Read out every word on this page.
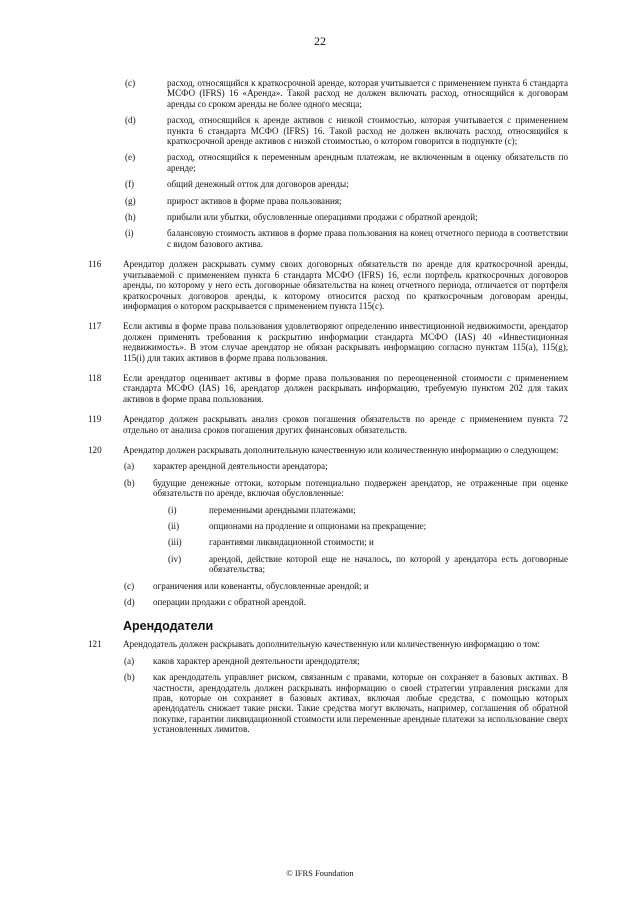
22
(c)	расход, относящийся к краткосрочной аренде, которая учитывается с применением пункта 6 стандарта МСФО (IFRS) 16 «Аренда». Такой расход не должен включать расход, относящийся к договорам аренды со сроком аренды не более одного месяца;
(d)	расход, относящийся к аренде активов с низкой стоимостью, которая учитывается с применением пункта 6 стандарта МСФО (IFRS) 16. Такой расход не должен включать расход, относящийся к краткосрочной аренде активов с низкой стоимостью, о котором говорится в подпункте (с);
(e)	расход, относящийся к переменным арендным платежам, не включенным в оценку обязательств по аренде;
(f)	общий денежный отток для договоров аренды;
(g)	прирост активов в форме права пользования;
(h)	прибыли или убытки, обусловленные операциями продажи с обратной арендой;
(i)	балансовую стоимость активов в форме права пользования на конец отчетного периода в соответствии с видом базового актива.
116 Арендатор должен раскрывать сумму своих договорных обязательств по аренде для краткосрочной аренды, учитываемой с применением пункта 6 стандарта МСФО (IFRS) 16, если портфель краткосрочных договоров аренды, по которому у него есть договорные обязательства на конец отчетного периода, отличается от портфеля краткосрочных договоров аренды, к которому относится расход по краткосрочным договорам аренды, информация о котором раскрывается с применением пункта 115(с).
117 Если активы в форме права пользования удовлетворяют определению инвестиционной недвижимости, арендатор должен применять требования к раскрытию информации стандарта МСФО (IAS) 40 «Инвестиционная недвижимость». В этом случае арендатор не обязан раскрывать информацию согласно пунктам 115(a), 115(g), 115(i) для таких активов в форме права пользования.
118 Если арендатор оценивает активы в форме права пользования по переоцененной стоимости с применением стандарта МСФО (IAS) 16, арендатор должен раскрывать информацию, требуемую пунктом 202 для таких активов в форме права пользования.
119 Арендатор должен раскрывать анализ сроков погашения обязательств по аренде с применением пункта 72 отдельно от анализа сроков погашения других финансовых обязательств.
120 Арендатор должен раскрывать дополнительную качественную или количественную информацию о следующем:
(a) характер арендной деятельности арендатора;
(b) будущие денежные оттоки, которым потенциально подвержен арендатор, не отраженные при оценке обязательств по аренде, включая обусловленные:
(i)	переменными арендными платежами;
(ii)	опционами на продление и опционами на прекращение;
(iii)	гарантиями ликвидационной стоимости; и
(iv)	арендой, действие которой еще не началось, по которой у арендатора есть договорные обязательства;
(c) ограничения или ковенанты, обусловленные арендой; и
(d) операции продажи с обратной арендой.
Арендодатели
121 Арендодатель должен раскрывать дополнительную качественную или количественную информацию о том:
(a) каков характер арендной деятельности арендодателя;
(b) как арендодатель управляет риском, связанным с правами, которые он сохраняет в базовых активах. В частности, арендодатель должен раскрывать информацию о своей стратегии управления рисками для прав, которые он сохраняет в базовых активах, включая любые средства, с помощью которых арендодатель снижает такие риски. Такие средства могут включать, например, соглашения об обратной покупке, гарантии ликвидационной стоимости или переменные арендные платежи за использование сверх установленных лимитов.
© IFRS Foundation
